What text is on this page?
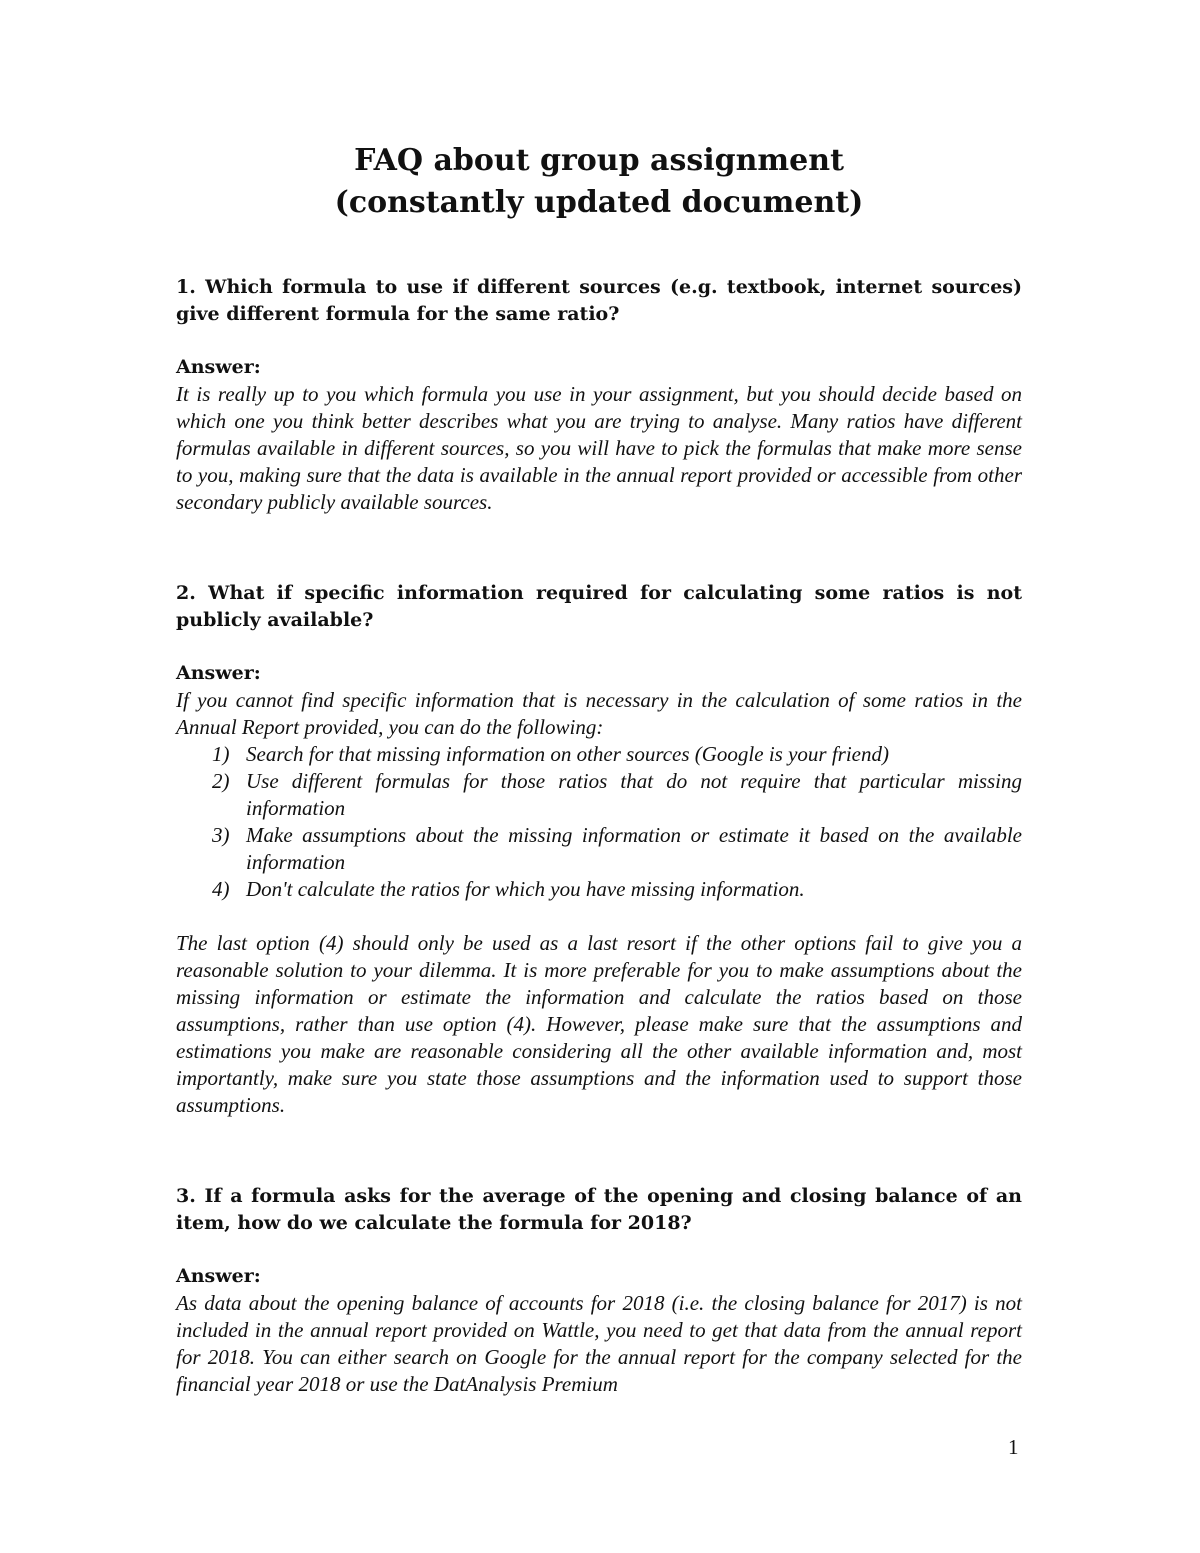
FAQ about group assignment
(constantly updated document)

1. Which formula to use if different sources (e.g. textbook, internet sources) give different formula for the same ratio?

Answer:

It is really up to you which formula you use in your assignment, but you should decide based on which one you think better describes what you are trying to analyse. Many ratios have different formulas available in different sources, so you will have to pick the formulas that make more sense to you, making sure that the data is available in the annual report provided or accessible from other secondary publicly available sources.

2. What if specific information required for calculating some ratios is not publicly available?

Answer:

If you cannot find specific information that is necessary in the calculation of some ratios in the Annual Report provided, you can do the following:

1) Search for that missing information on other sources (Google is your friend)
2) Use different formulas for those ratios that do not require that particular missing information
3) Make assumptions about the missing information or estimate it based on the available information
4) Don't calculate the ratios for which you have missing information.

The last option (4) should only be used as a last resort if the other options fail to give you a reasonable solution to your dilemma. It is more preferable for you to make assumptions about the missing information or estimate the information and calculate the ratios based on those assumptions, rather than use option (4). However, please make sure that the assumptions and estimations you make are reasonable considering all the other available information and, most importantly, make sure you state those assumptions and the information used to support those assumptions.

3. If a formula asks for the average of the opening and closing balance of an item, how do we calculate the formula for 2018?

Answer:

As data about the opening balance of accounts for 2018 (i.e. the closing balance for 2017) is not included in the annual report provided on Wattle, you need to get that data from the annual report for 2018. You can either search on Google for the annual report for the company selected for the financial year 2018 or use the DatAnalysis Premium

1
